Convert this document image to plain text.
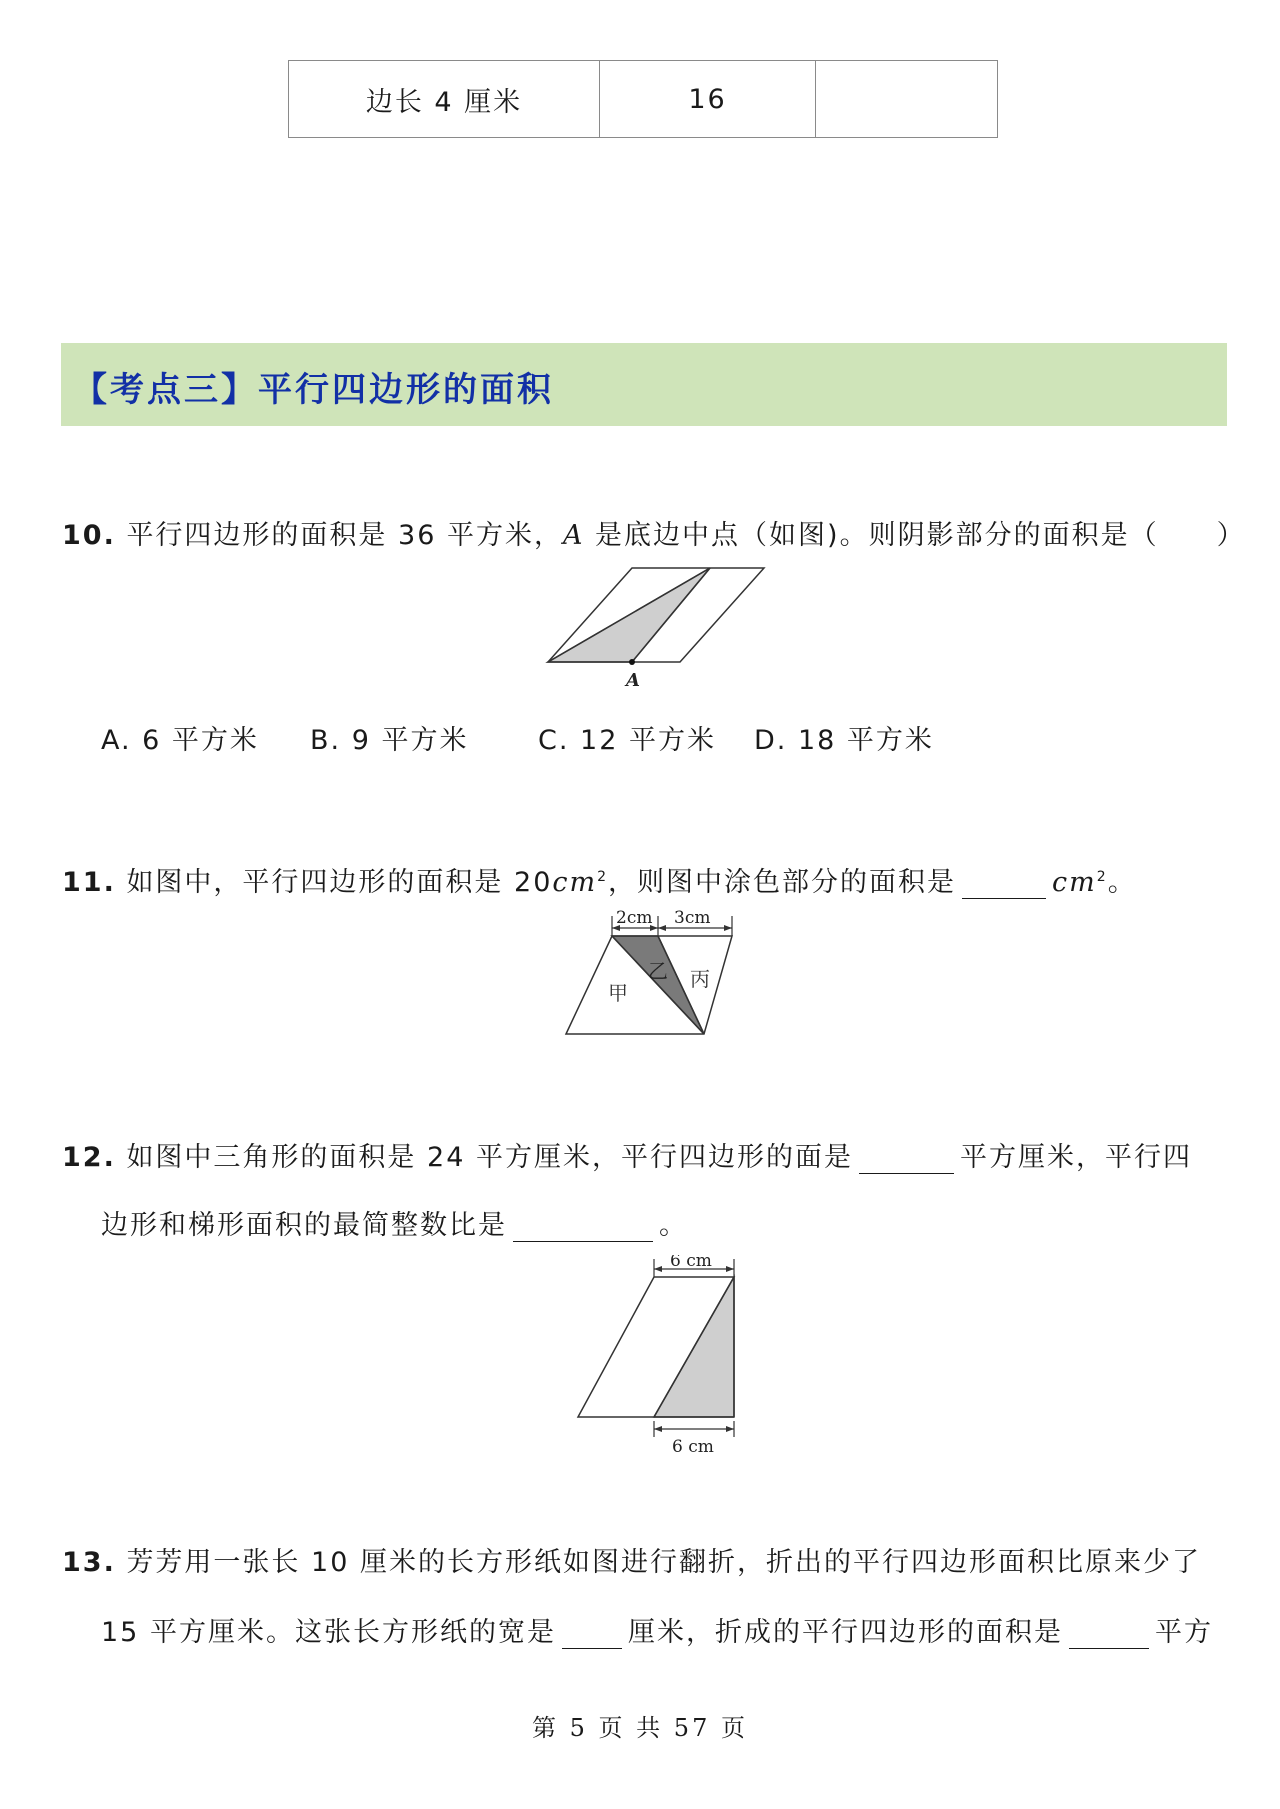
边长 4 厘米	16	
【考点三】平行四边形的面积
10. 平行四边形的面积是 36 平方米，A 是底边中点（如图)。则阴影部分的面积是（　　）
A
A. 6 平方米 B. 9 平方米	C. 12 平方米 D. 18 平方米
11. 如图中，平行四边形的面积是 $20cm^2$，则图中涂色部分的面积是	$cm^2$。
2cm 3cm
甲
乙 丙
12. 如图中三角形的面积是 24 平方厘米，平行四边形的面是	平方厘米，平行四
边形和梯形面积的最简整数比是	。
6 cm
6 cm
13. 芳芳用一张长 10 厘米的长方形纸如图进行翻折，折出的平行四边形面积比原来少了
15 平方厘米。这张长方形纸的宽是	厘米，折成的平行四边形的面积是	平方
第 5 页 共 57 页
